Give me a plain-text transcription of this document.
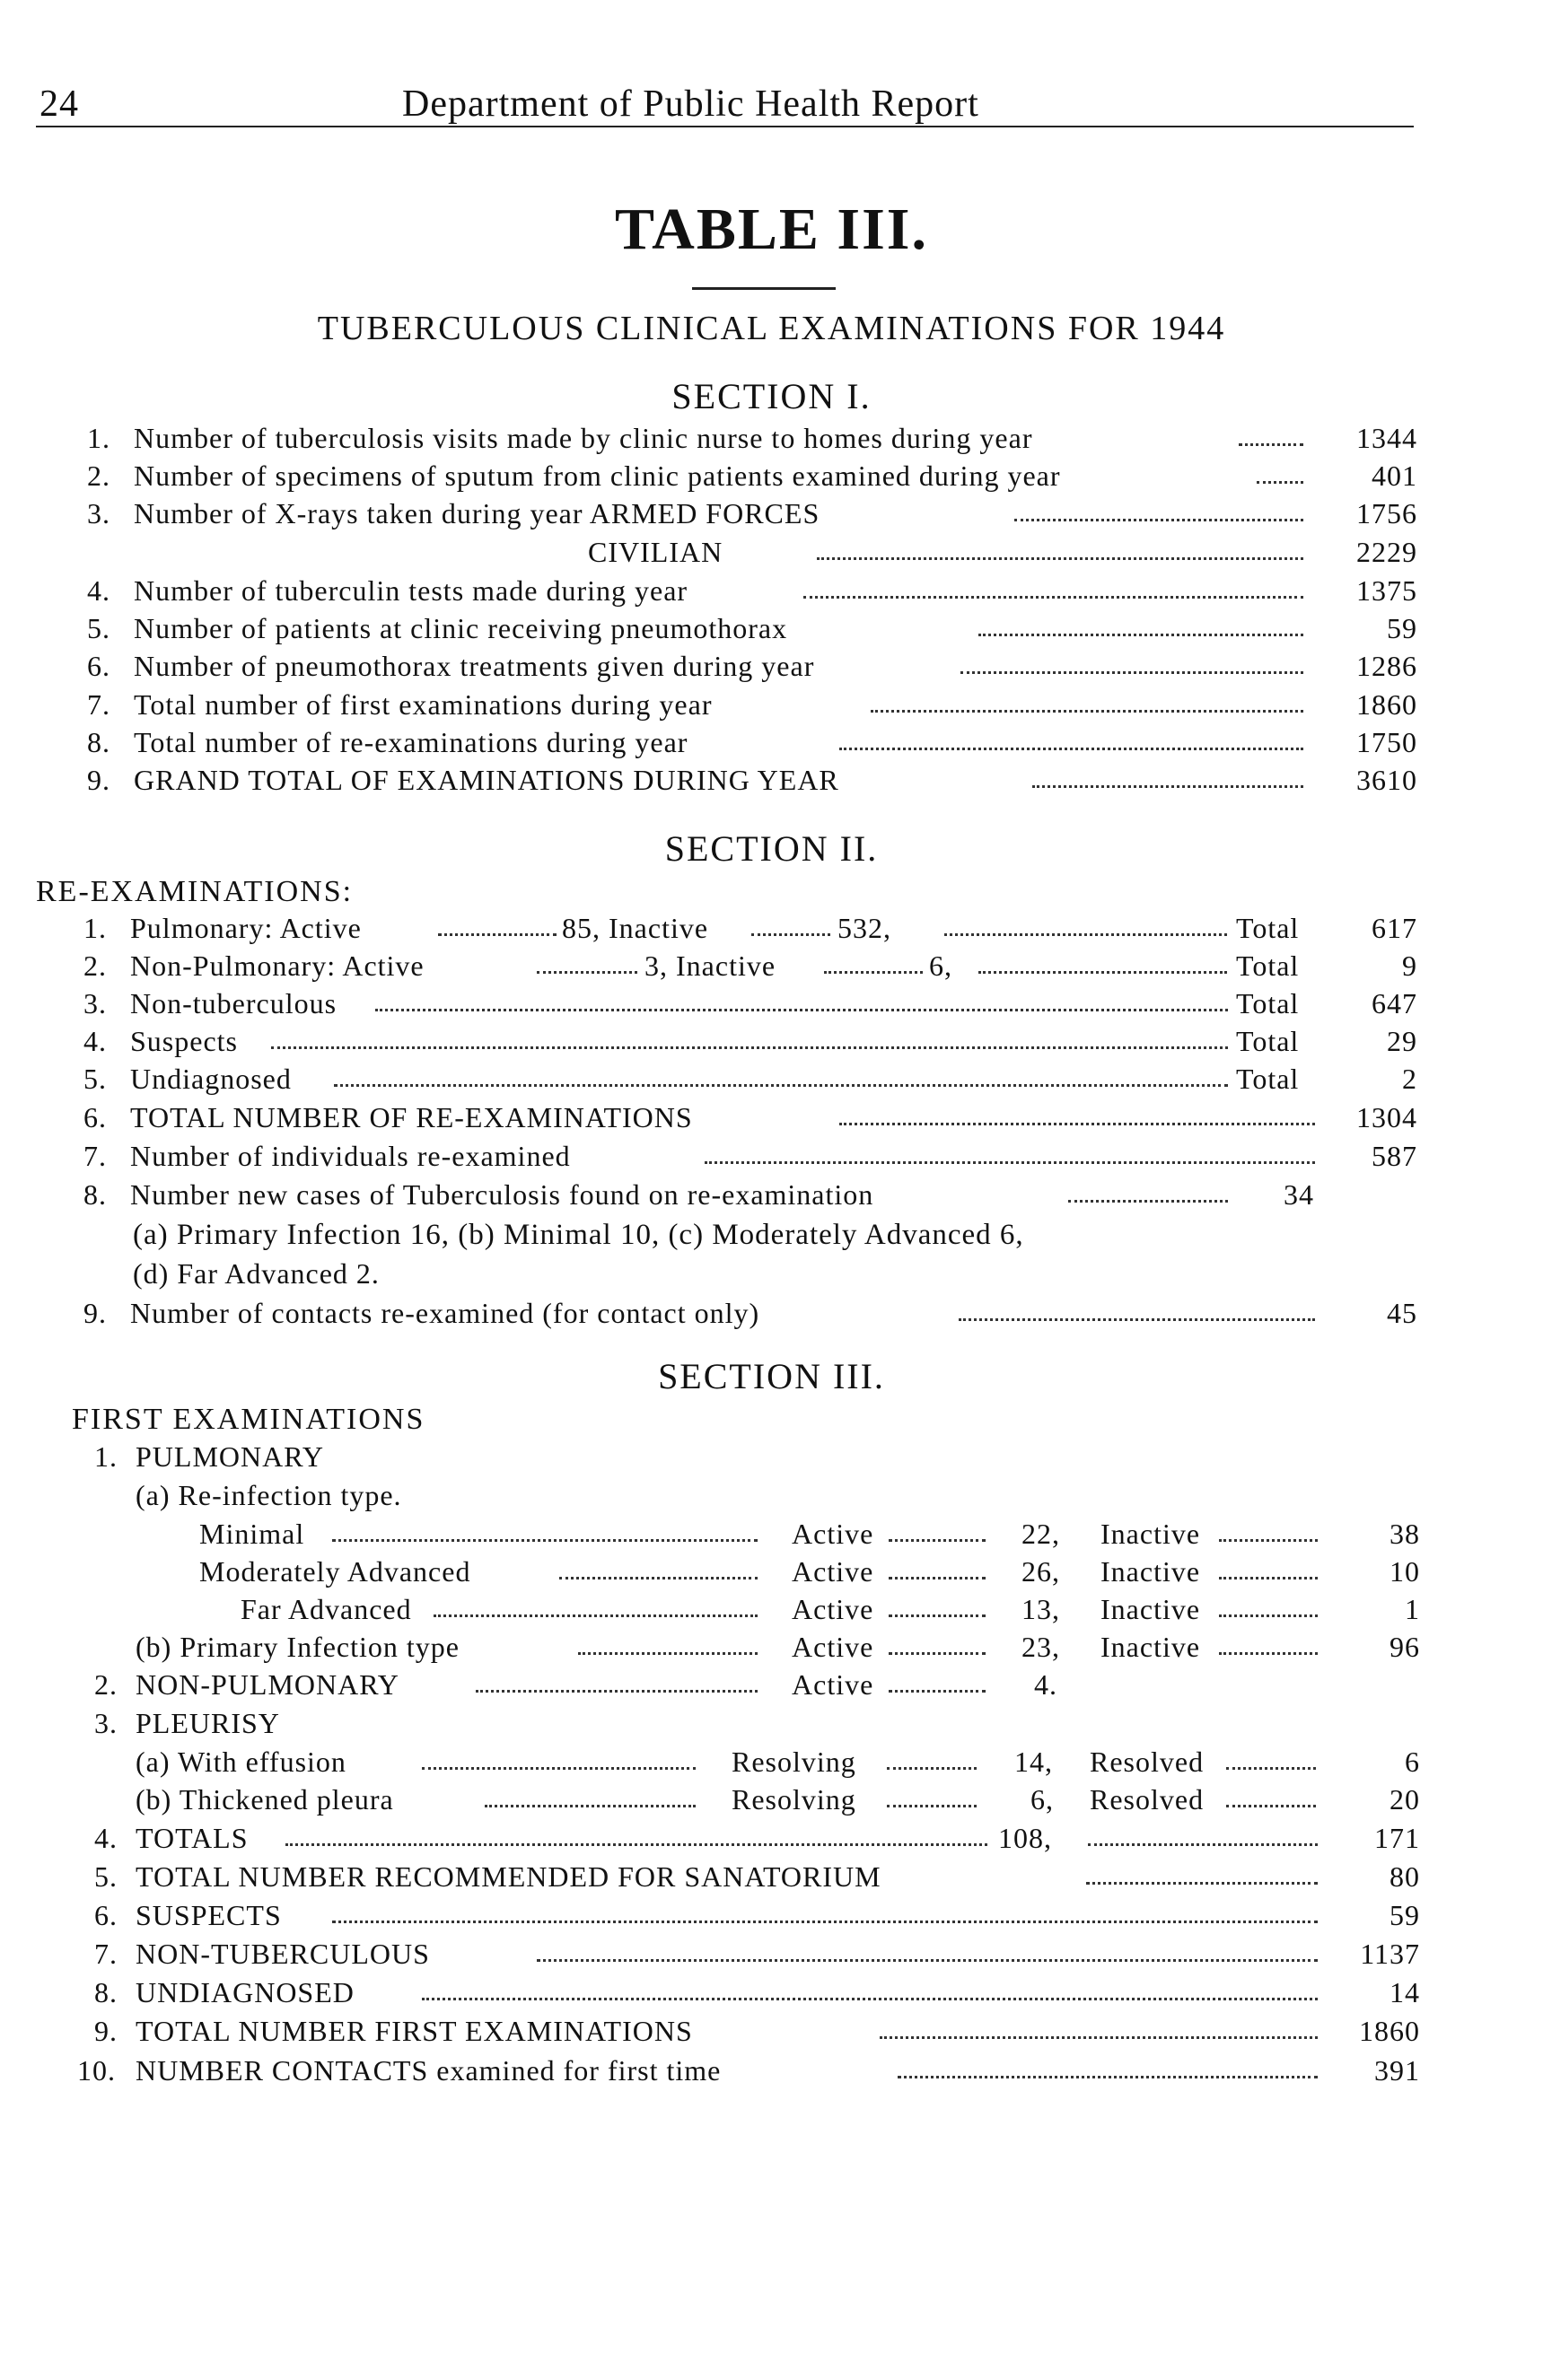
24	Department of Public Health Report
TABLE III.
TUBERCULOUS CLINICAL EXAMINATIONS FOR 1944
SECTION I.
1. Number of tuberculosis visits made by clinic nurse to homes during year	1344
2. Number of specimens of sputum from clinic patients examined during year	401
3. Number of X-rays taken during year ARMED FORCES	1756
CIVILIAN	2229
4. Number of tuberculin tests made during year	1375
5. Number of patients at clinic receiving pneumothorax	59
6. Number of pneumothorax treatments given during year	1286
7. Total number of first examinations during year	1860
8. Total number of re-examinations during year	1750
9. GRAND TOTAL OF EXAMINATIONS DURING YEAR	3610
SECTION II.
RE-EXAMINATIONS:
1. Pulmonary: Active	85, Inactive	532,	Total	617
2. Non-Pulmonary: Active	3, Inactive	6,	Total	9
3. Non-tuberculous	Total	647
4. Suspects	Total	29
5. Undiagnosed	Total	2
6. TOTAL NUMBER OF RE-EXAMINATIONS	1304
7. Number of individuals re-examined	587
8. Number new cases of Tuberculosis found on re-examination	34
(a) Primary Infection 16, (b) Minimal 10, (c) Moderately Advanced 6,
(d) Far Advanced 2.
9. Number of contacts re-examined (for contact only)	45
SECTION III.
FIRST EXAMINATIONS
1. PULMONARY
(a) Re-infection type.
Minimal	Active	22, Inactive	38
Moderately Advanced	Active	26, Inactive	10
Far Advanced	Active	13, Inactive	1
(b) Primary Infection type	Active	23, Inactive	96
2. NON-PULMONARY	Active	4.
3. PLEURISY
(a) With effusion	Resolving	14, Resolved	6
(b) Thickened pleura	Resolving	6, Resolved	20
4. TOTALS	108,	171
5. TOTAL NUMBER RECOMMENDED FOR SANATORIUM	80
6. SUSPECTS	59
7. NON-TUBERCULOUS	1137
8. UNDIAGNOSED	14
9. TOTAL NUMBER FIRST EXAMINATIONS	1860
10. NUMBER CONTACTS examined for first time	391
